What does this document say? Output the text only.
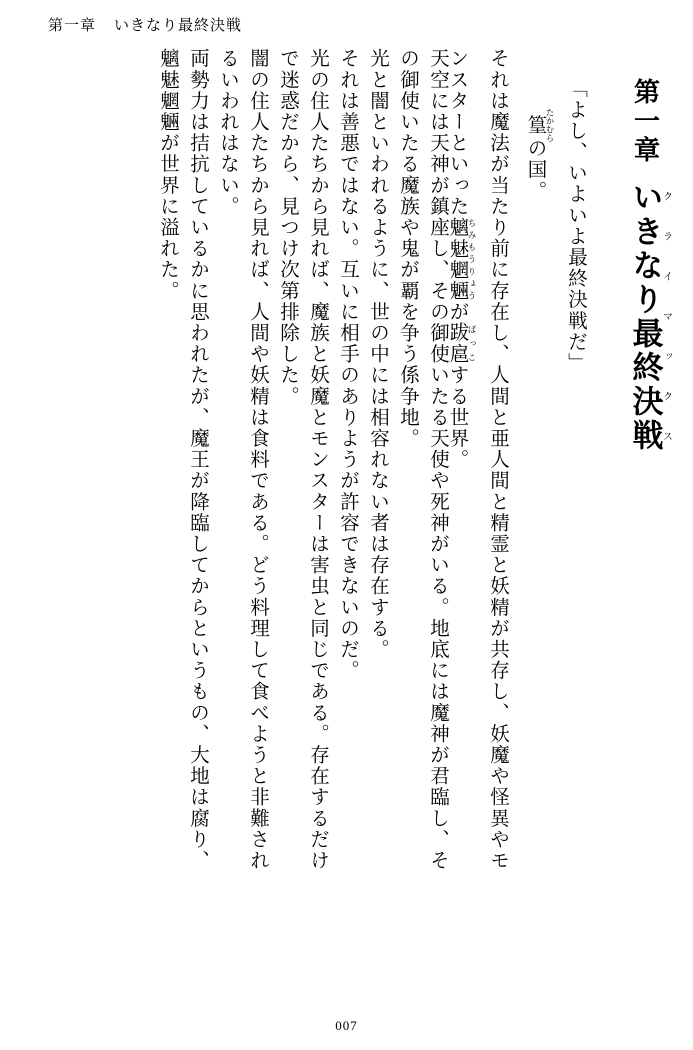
第一章 いきなり最終決戦
第一章いきなり最終決戦クライマックス
「よし、いよいよ最終決戦だ」
篁 たかむらの国。
それは魔法が当たり前に存在し、人間と亜人間と精霊と妖精が共存し、妖魔や怪異やモ
ンスターといった魑魅魍魎 ちみもうりょうが跋扈 ばっこする世界。
天空には天神が鎮座し、その御使いたる天使や死神がいる。地底には魔神が君臨し、そ
の御使いたる魔族や鬼が覇を争う係争地。
光と闇といわれるように、世の中には相容れない者は存在する。
それは善悪ではない。互いに相手のありようが許容できないのだ。
光の住人たちから見れば、魔族と妖魔とモンスターは害虫と同じである。存在するだけ
で迷惑だから、見つけ次第排除した。
闇の住人たちから見れば、人間や妖精は食料である。どう料理して食べようと非難され
るいわれはない。
両勢力は拮抗しているかに思われたが、魔王が降臨してからというもの、大地は腐り、
魑魅魍魎が世界に溢れた。
007
